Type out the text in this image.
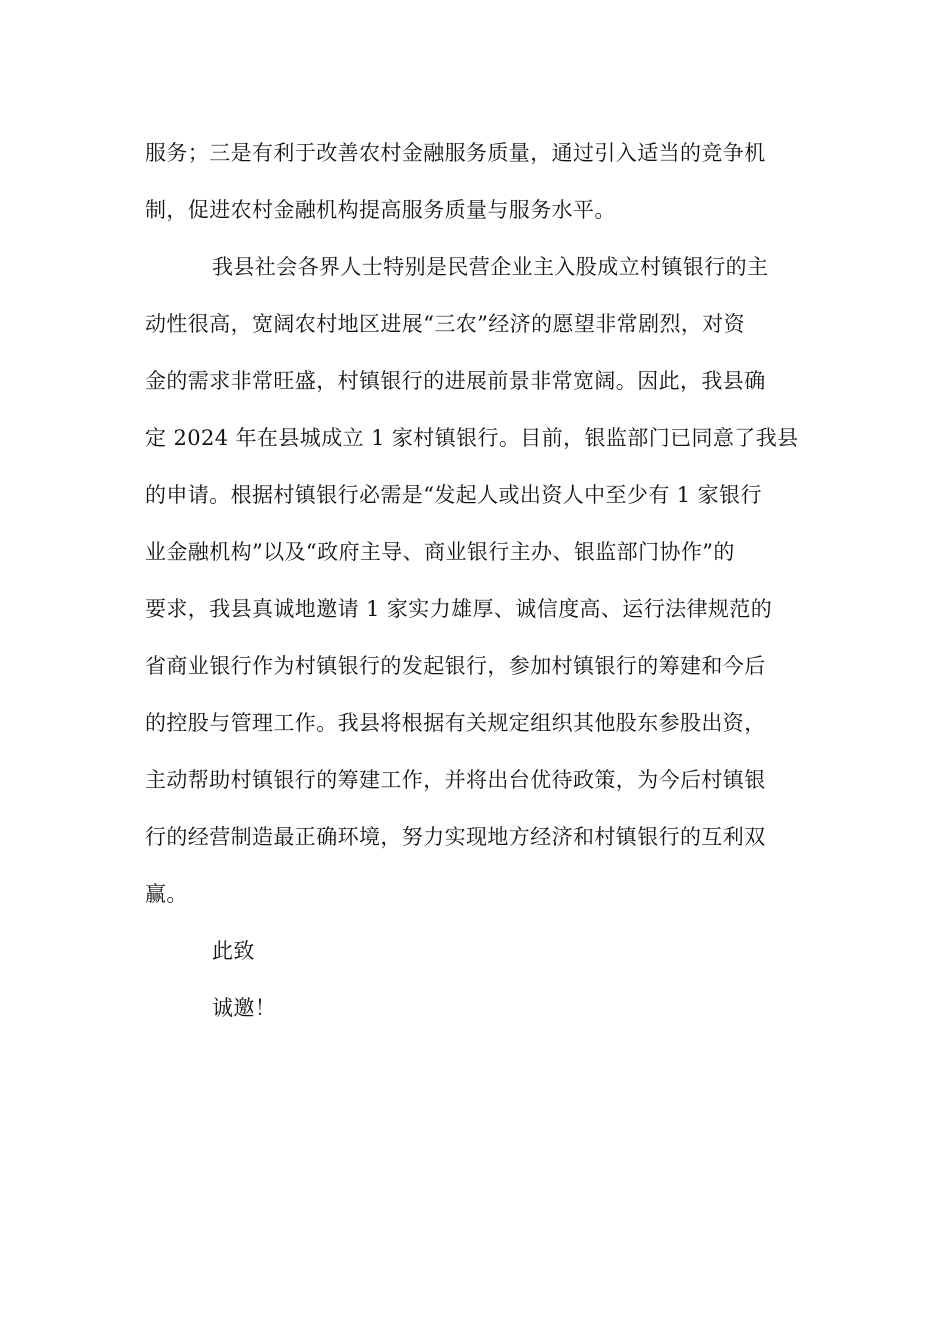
服务；三是有利于改善农村金融服务质量，通过引入适当的竞争机
制，促进农村金融机构提高服务质量与服务水平。
我县社会各界人士特别是民营企业主入股成立村镇银行的主
动性很高，宽阔农村地区进展“三农”经济的愿望非常剧烈，对资
金的需求非常旺盛，村镇银行的进展前景非常宽阔。因此，我县确
定 2024 年在县城成立 1 家村镇银行。目前，银监部门已同意了我县
的申请。根据村镇银行必需是“发起人或出资人中至少有 1 家银行
业金融机构”以及“政府主导、商业银行主办、银监部门协作”的
要求，我县真诚地邀请 1 家实力雄厚、诚信度高、运行法律规范的
省商业银行作为村镇银行的发起银行，参加村镇银行的筹建和今后
的控股与管理工作。我县将根据有关规定组织其他股东参股出资，
主动帮助村镇银行的筹建工作，并将出台优待政策，为今后村镇银
行的经营制造最正确环境，努力实现地方经济和村镇银行的互利双
赢。
此致
诚邀！
